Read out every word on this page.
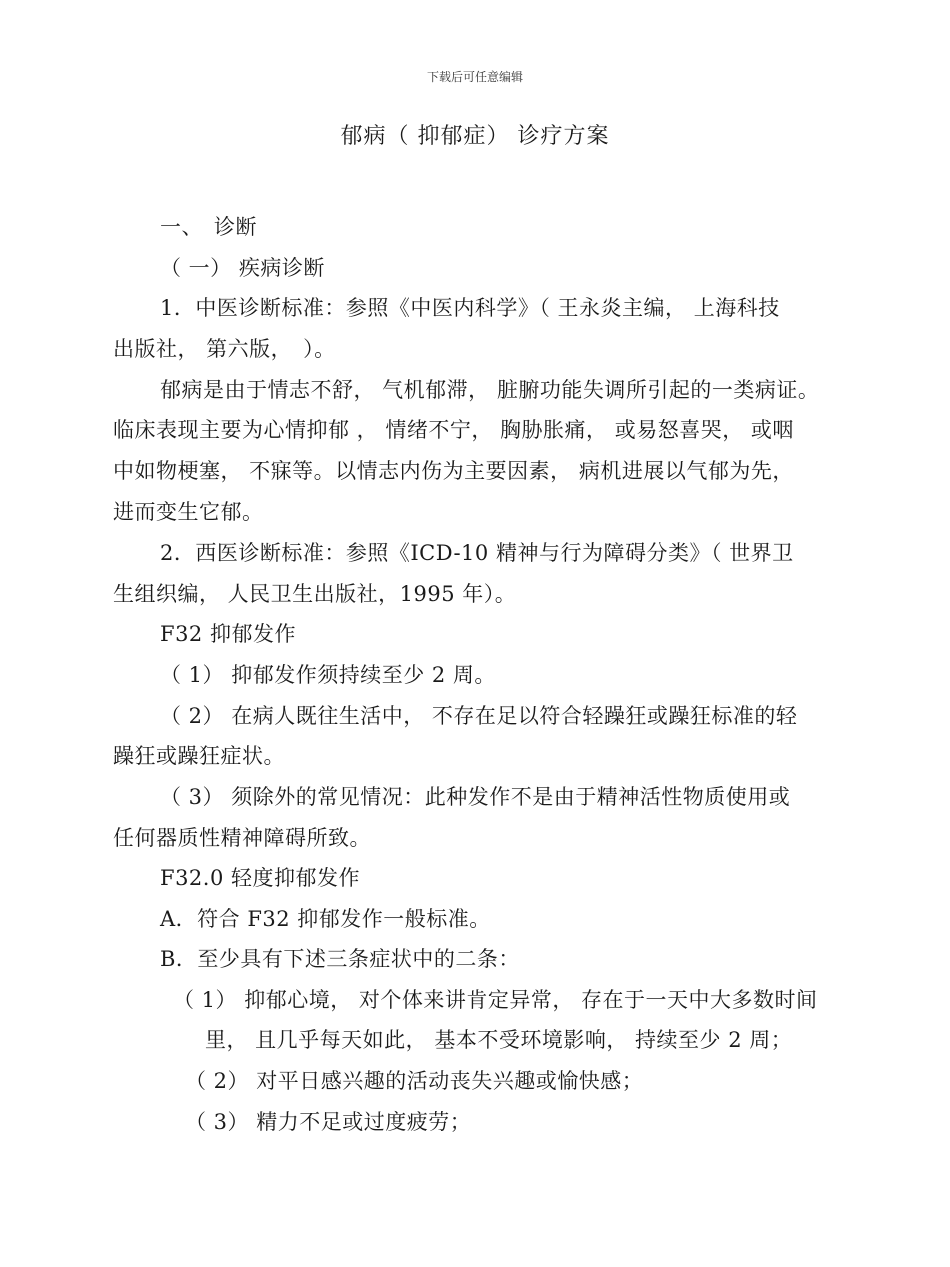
下载后可任意编辑
郁病（ 抑郁症） 诊疗方案
一、　诊断
（ 一） 疾病诊断
1．中医诊断标准：参照《中医内科学》（ 王永炎主编， 上海科技
出版社， 第六版，　）。
郁病是由于情志不舒， 气机郁滞， 脏腑功能失调所引起的一类病证。
临床表现主要为心情抑郁 ， 情绪不宁， 胸胁胀痛， 或易怒喜哭， 或咽
中如物梗塞， 不寐等。以情志内伤为主要因素， 病机进展以气郁为先，
进而变生它郁。
2．西医诊断标准：参照《ICD-10 精神与行为障碍分类》（ 世界卫
生组织编， 人民卫生出版社，1995 年）。
F32 抑郁发作
（ 1） 抑郁发作须持续至少 2 周。
（ 2） 在病人既往生活中， 不存在足以符合轻躁狂或躁狂标准的轻
躁狂或躁狂症状。
（ 3） 须除外的常见情况：此种发作不是由于精神活性物质使用或
任何器质性精神障碍所致。
F32.0 轻度抑郁发作
A．符合 F32 抑郁发作一般标准。
B．至少具有下述三条症状中的二条：
（ 1） 抑郁心境， 对个体来讲肯定异常， 存在于一天中大多数时间
里， 且几乎每天如此， 基本不受环境影响， 持续至少 2 周；
（ 2） 对平日感兴趣的活动丧失兴趣或愉快感；
（ 3） 精力不足或过度疲劳；
